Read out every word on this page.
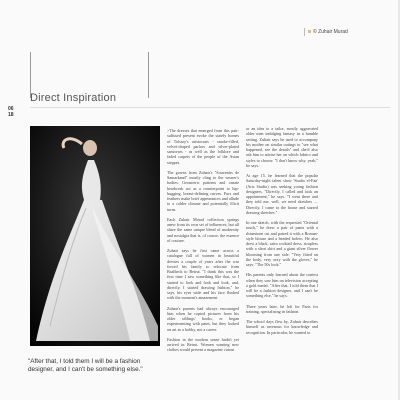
© Zuhair Murad
Direct Inspiration
06
18
"After that, I told them I will be a fashion designer, and I can't be something else."

>The dresses that emerged from this pair-suffused present evoke the stately homes of Tolstoy's aristocrats - smoke-filled, velvet-draped parlors and silver-plated samovars - as well as the folklore and faded carpets of the people of the Asian steppes.

The gowns from Zuhair's "Souvenirs de Samarkand" mostly cling to the wearer's bodies. Geometric patterns and ornate beadwork act as a counterpoint to hip-hugging, breast-defining curves. Furs and feathers make brief appearances and allude to a colder climate and potentially illicit turns.

Each Zuhair Murad collection springs anew from its own set of influences, but all share the same unique blend of modernity and nostalgia that is, of course, the essence of couture.

Zuhair says he first came across a catalogue full of women in beautiful dresses a couple of years after the war forced his family to relocate from Baalbeck to Beirut. "I think this was the first time I saw something like that, so I started to look and look and look, and, directly, I started drawing fashion," he says, his eyes wide and his face flushed with the moment's amazement.

Zuhair's parents had always encouraged him when he copied pictures from his older siblings' books, or began experimenting with paint, but they looked on art as a hobby, not a career.

Fashion in the modern sense hadn't yet arrived in Beirut. Women wanting new clothes would present a magazine cutout

or an idea to a tailor, mostly aggravated older men indulging fantasy in a humble setting. Zuhair says he used to accompany his mother on similar outings to "see what happened, see the details" and she'd also ask him to advise her on which fabrics and styles to choose. "I don't know why, yeah," he says.

At age 15, he learned that the popular Saturday-night talent show 'Studio el-Fan' (Arts Studio) was seeking young fashion designers. "Directly, I called and took an appointment," he says. "I went there and they told me, well, we need sketches .... Directly, I came to the house and started drawing sketches."

In one sketch, with the requested "Oriental touch," he drew a pair of pants with a rhinestone cut and paired it with a Roman-style blouse and a beaded bolero. He also drew a black, satin cocktail dress, strapless with a short skirt and a giant silver flower blooming from one side. "Very fitted on the body, very sexy with the gloves," he says. "The 50s look."

His parents only learned about the contest when they saw him on television accepting a gold medal. "After that, I told them that I will be a fashion designer, and I can't be something else," he says.

Three years later, he left for Paris for training, specializing in fashion.

The school days flew by, Zuhair describes himself as ravenous for knowledge and recognition. In particular, he wanted to
